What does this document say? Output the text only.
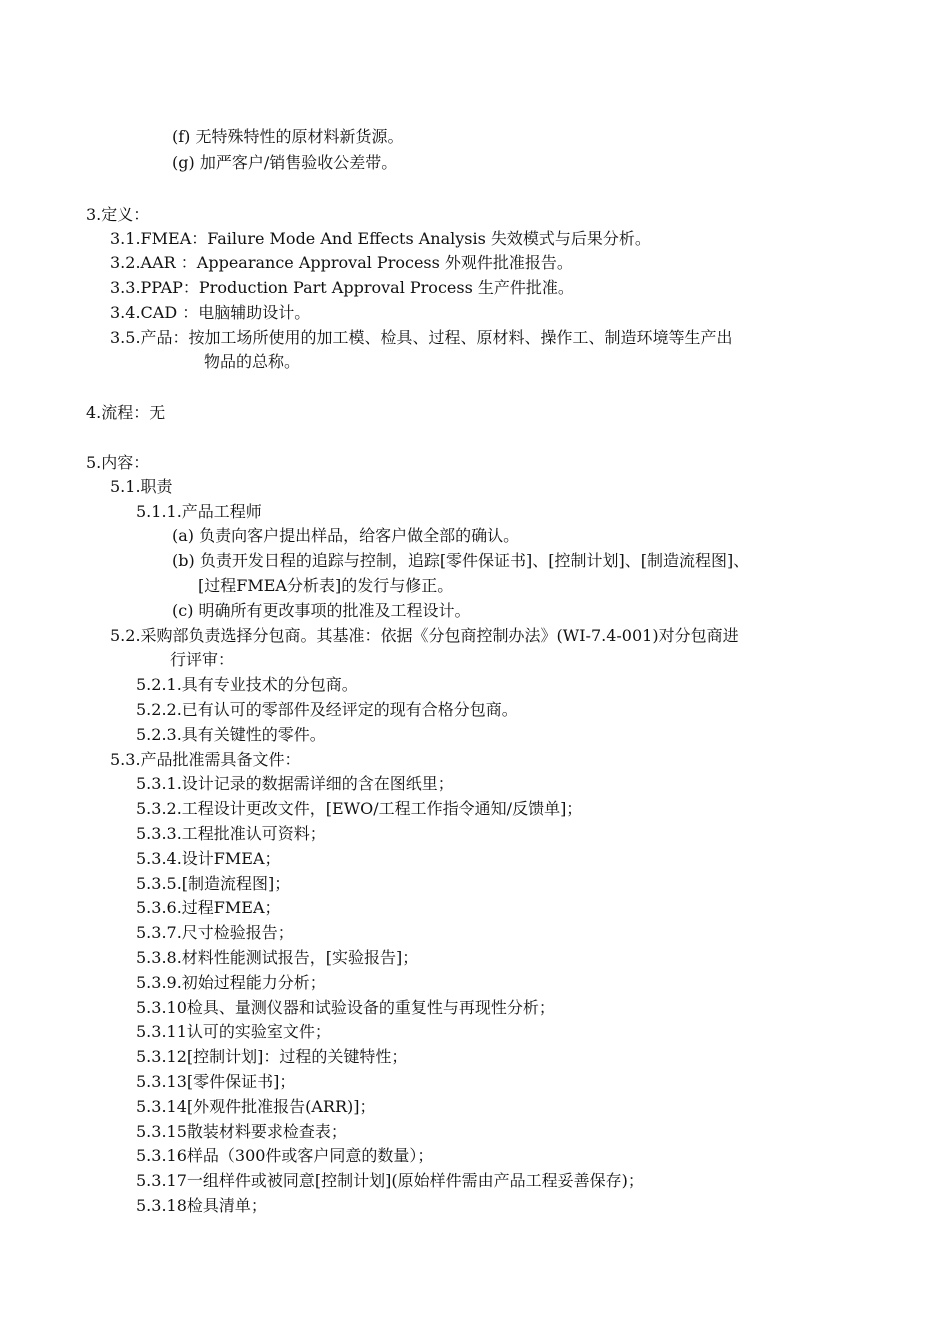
(f) 无特殊特性的原材料新货源。
(g) 加严客户/销售验收公差带。
3.定义：
3.1.FMEA：Failure Mode And Effects Analysis 失效模式与后果分析。
3.2.AAR ：Appearance Approval Process 外观件批准报告。
3.3.PPAP：Production Part Approval Process 生产件批准。
3.4.CAD ：电脑辅助设计。
3.5.产品：按加工场所使用的加工模、检具、过程、原材料、操作工、制造环境等生产出
物品的总称。
4.流程：无
5.内容：
5.1.职责
5.1.1.产品工程师
(a) 负责向客户提出样品，给客户做全部的确认。
(b) 负责开发日程的追踪与控制，追踪[零件保证书]、[控制计划]、[制造流程图]、
[过程FMEA分析表]的发行与修正。
(c) 明确所有更改事项的批准及工程设计。
5.2.采购部负责选择分包商。其基准：依据《分包商控制办法》(WI-7.4-001)对分包商进
行评审：
5.2.1.具有专业技术的分包商。
5.2.2.已有认可的零部件及经评定的现有合格分包商。
5.2.3.具有关键性的零件。
5.3.产品批准需具备文件：
5.3.1.设计记录的数据需详细的含在图纸里；
5.3.2.工程设计更改文件，[EWO/工程工作指令通知/反馈单]；
5.3.3.工程批准认可资料；
5.3.4.设计FMEA；
5.3.5.[制造流程图]；
5.3.6.过程FMEA；
5.3.7.尺寸检验报告；
5.3.8.材料性能测试报告，[实验报告]；
5.3.9.初始过程能力分析；
5.3.10检具、量测仪器和试验设备的重复性与再现性分析；
5.3.11认可的实验室文件；
5.3.12[控制计划]：过程的关键特性；
5.3.13[零件保证书]；
5.3.14[外观件批准报告(ARR)]；
5.3.15散装材料要求检查表；
5.3.16样品（300件或客户同意的数量）；
5.3.17一组样件或被同意[控制计划](原始样件需由产品工程妥善保存)；
5.3.18检具清单；
